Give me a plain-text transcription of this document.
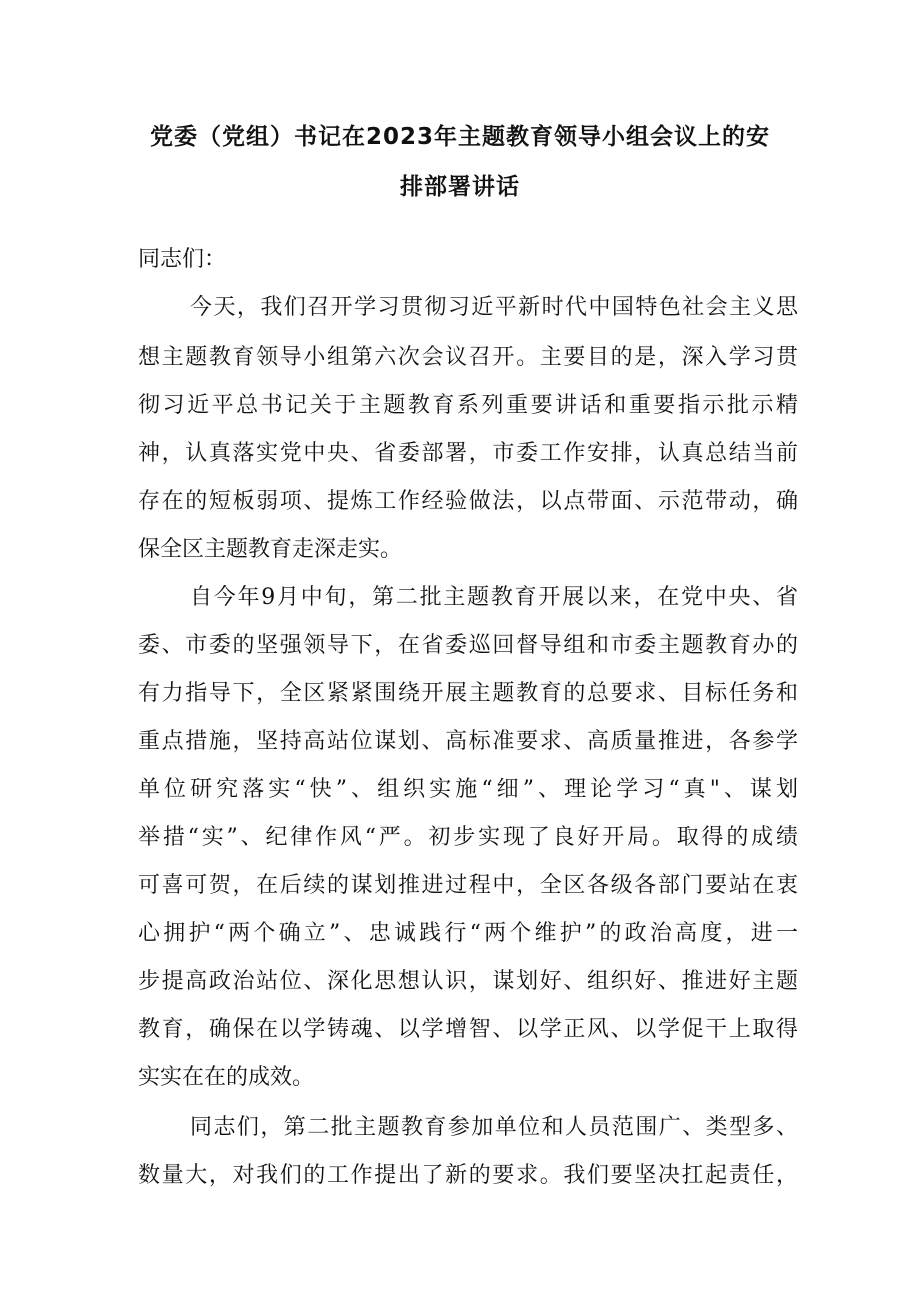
党委（党组）书记在2023年主题教育领导小组会议上的安
排部署讲话
同志们：
今天，我们召开学习贯彻习近平新时代中国特色社会主义思
想主题教育领导小组第六次会议召开。主要目的是，深入学习贯
彻习近平总书记关于主题教育系列重要讲话和重要指示批示精
神，认真落实党中央、省委部署，市委工作安排，认真总结当前
存在的短板弱项、提炼工作经验做法，以点带面、示范带动，确
保全区主题教育走深走实。
自今年9月中旬，第二批主题教育开展以来，在党中央、省
委、市委的坚强领导下，在省委巡回督导组和市委主题教育办的
有力指导下，全区紧紧围绕开展主题教育的总要求、目标任务和
重点措施，坚持高站位谋划、高标准要求、高质量推进，各参学
单位研究落实“快”、组织实施“细”、理论学习“真"、谋划
举措“实”、纪律作风“严。初步实现了良好开局。取得的成绩
可喜可贺，在后续的谋划推进过程中，全区各级各部门要站在衷
心拥护“两个确立”、忠诚践行“两个维护”的政治高度，进一
步提高政治站位、深化思想认识，谋划好、组织好、推进好主题
教育，确保在以学铸魂、以学增智、以学正风、以学促干上取得
实实在在的成效。
同志们，第二批主题教育参加单位和人员范围广、类型多、
数量大，对我们的工作提出了新的要求。我们要坚决扛起责任，
